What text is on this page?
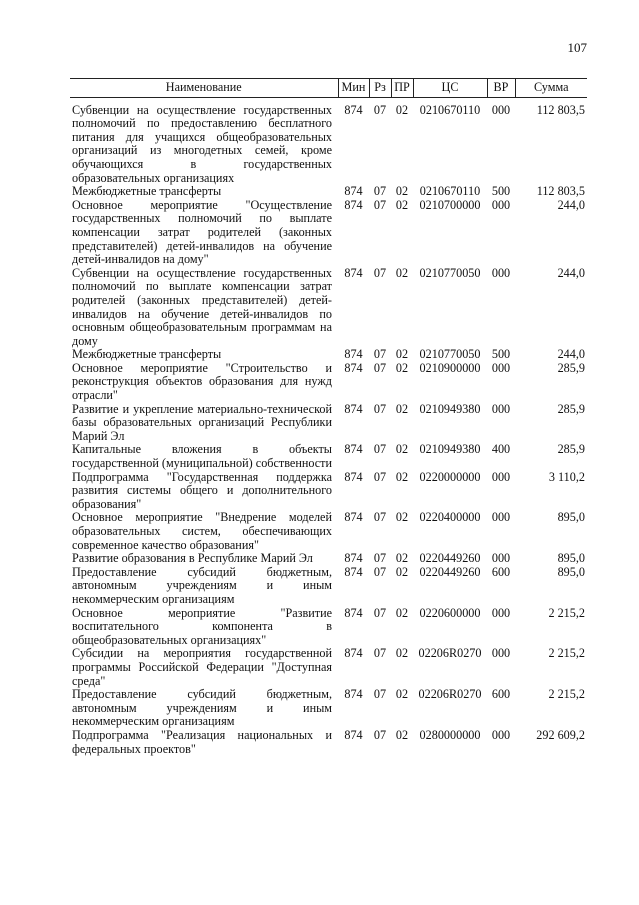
107
Наименование	Мин	Рз	ПР	ЦС	ВР	Сумма
Субвенции на осуществление государственных полномочий по предоставлению бесплатного питания для учащихся общеобразовательных организаций из многодетных семей, кроме обучающихся в государственных образовательных организациях	874	07	02	0210670110	000	112 803,5
Межбюджетные трансферты	874	07	02	0210670110	500	112 803,5
Основное мероприятие "Осуществление государственных полномочий по выплате компенсации затрат родителей (законных представителей) детей-инвалидов на обучение детей-инвалидов на дому"	874	07	02	0210700000	000	244,0
Субвенции на осуществление государственных полномочий по выплате компенсации затрат родителей (законных представителей) детей-инвалидов на обучение детей-инвалидов по основным общеобразовательным программам на дому	874	07	02	0210770050	000	244,0
Межбюджетные трансферты	874	07	02	0210770050	500	244,0
Основное мероприятие "Строительство и реконструкция объектов образования для нужд отрасли"	874	07	02	0210900000	000	285,9
Развитие и укрепление материально-технической базы образовательных организаций Республики Марий Эл	874	07	02	0210949380	000	285,9
Капитальные вложения в объекты государственной (муниципальной) собственности	874	07	02	0210949380	400	285,9
Подпрограмма "Государственная поддержка развития системы общего и дополнительного образования"	874	07	02	0220000000	000	3 110,2
Основное мероприятие "Внедрение моделей образовательных систем, обеспечивающих современное качество образования"	874	07	02	0220400000	000	895,0
Развитие образования в Республике Марий Эл	874	07	02	0220449260	000	895,0
Предоставление субсидий бюджетным, автономным учреждениям и иным некоммерческим организациям	874	07	02	0220449260	600	895,0
Основное мероприятие "Развитие воспитательного компонента в общеобразовательных организациях"	874	07	02	0220600000	000	2 215,2
Субсидии на мероприятия государственной программы Российской Федерации "Доступная среда"	874	07	02	02206R0270	000	2 215,2
Предоставление субсидий бюджетным, автономным учреждениям и иным некоммерческим организациям	874	07	02	02206R0270	600	2 215,2
Подпрограмма "Реализация национальных и федеральных проектов"	874	07	02	0280000000	000	292 609,2
